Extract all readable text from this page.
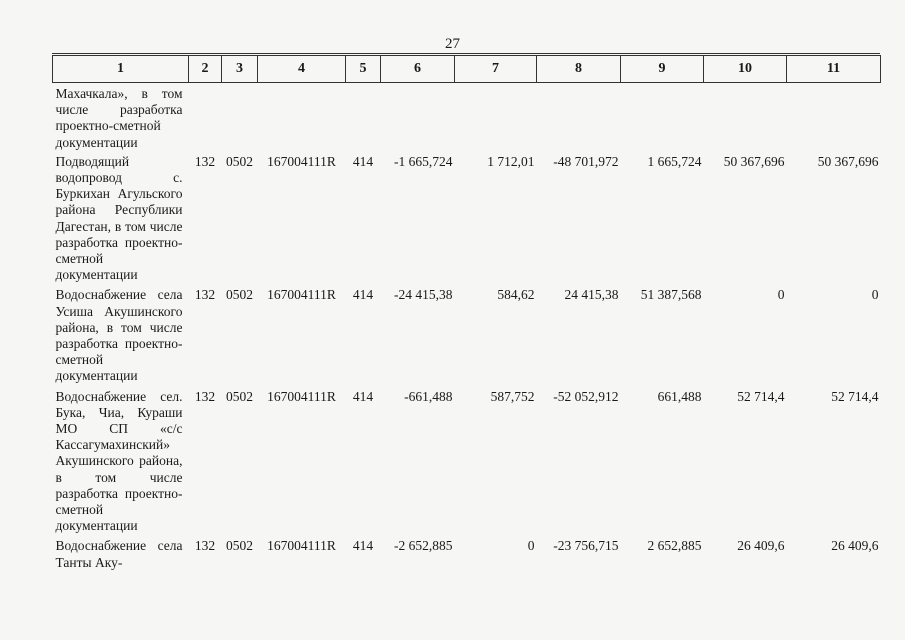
27
1	2	3	4	5	6	7	8	9	10	11
Махачкала», в том числе разработка проектно-сметной документации										
Подводящий водопровод с. Буркихан Агульского района Республики Дагестан, в том числе разработка проектно-сметной документации	132	0502	167004111R	414	-1 665,724	1 712,01	-48 701,972	1 665,724	50 367,696	50 367,696
Водоснабжение села Усиша Акушинского района, в том числе разработка проектно-сметной документации	132	0502	167004111R	414	-24 415,38	584,62	24 415,38	51 387,568	0	0
Водоснабжение сел. Бука, Чиа, Кураши МО СП «с/с Кассагумахинский» Акушинского района, в том числе разработка проектно-сметной документации	132	0502	167004111R	414	-661,488	587,752	-52 052,912	661,488	52 714,4	52 714,4
Водоснабжение села Танты Аку-	132	0502	167004111R	414	-2 652,885	0	-23 756,715	2 652,885	26 409,6	26 409,6
